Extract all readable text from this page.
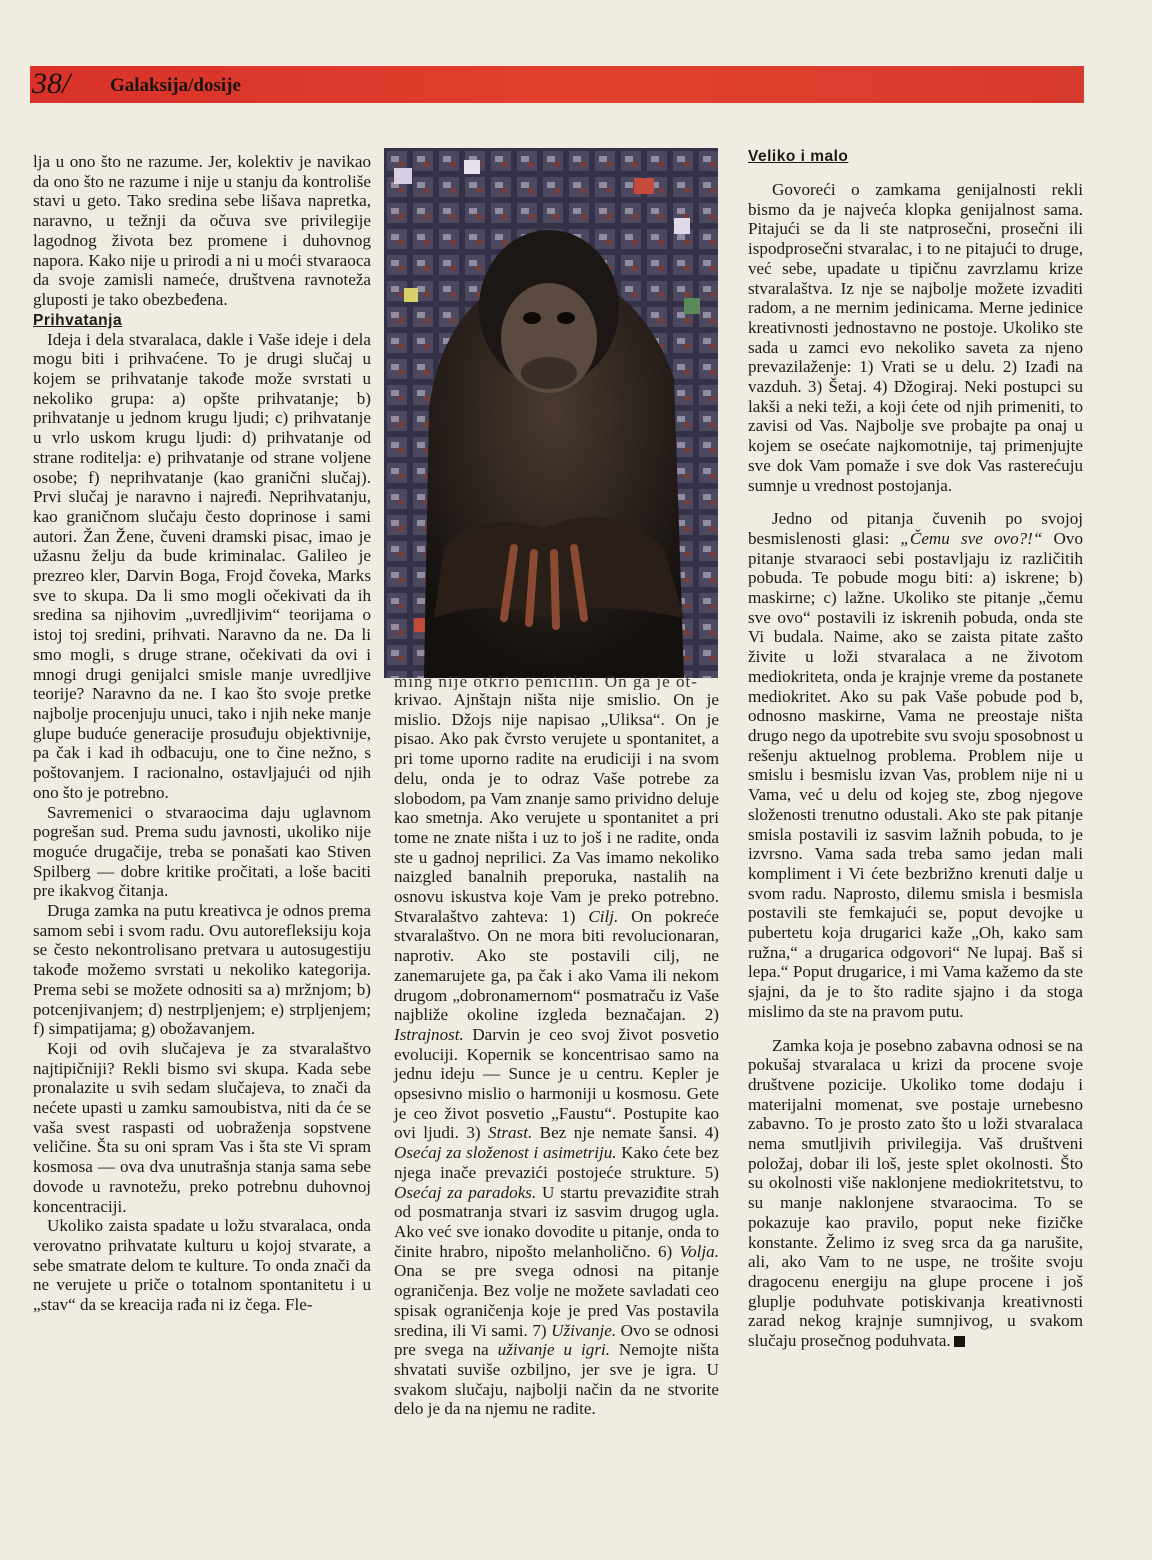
38/ Galaksija/dosije

lja u ono što ne razume. Jer, kolektiv je navikao da ono što ne razume i nije u stanju da kontroliše stavi u geto. Tako sredina sebe lišava napretka, naravno, u težnji da očuva sve privilegije lagodnog života bez promene i duhovnog napora. Kako nije u prirodi a ni u moći stvaraoca da svoje zamisli nameće, društvena ravnoteža gluposti je tako obezbeđena.

Prihvatanja

Ideja i dela stvaralaca, dakle i Vaše ideje i dela mogu biti i prihvaćene. To je drugi slučaj u kojem se prihvatanje takođe može svrstati u nekoliko grupa: a) opšte prihvatanje; b) prihvatanje u jednom krugu ljudi; c) prihvatanje u vrlo uskom krugu ljudi: d) prihvatanje od strane roditelja: e) prihvatanje od strane voljene osobe; f) neprihvatanje (kao granični slučaj). Prvi slučaj je naravno i najređi. Neprihvatanju, kao graničnom slučaju često doprinose i sami autori. Žan Žene, čuveni dramski pisac, imao je užasnu želju da bude kriminalac. Galileo je prezreo kler, Darvin Boga, Frojd čoveka, Marks sve to skupa. Da li smo mogli očekivati da ih sredina sa njihovim „uvredljivim“ teorijama o istoj toj sredini, prihvati. Naravno da ne. Da li smo mogli, s druge strane, očekivati da ovi i mnogi drugi genijalci smisle manje uvredljive teorije? Naravno da ne. I kao što svoje pretke najbolje procenjuju unuci, tako i njih neke manje glupe buduće generacije prosuđuju objektivnije, pa čak i kad ih odbacuju, one to čine nežno, s poštovanjem. I racionalno, ostavljajući od njih ono što je potrebno.

Savremenici o stvaraocima daju uglavnom pogrešan sud. Prema sudu javnosti, ukoliko nije moguće drugačije, treba se ponašati kao Stiven Spilberg — dobre kritike pročitati, a loše baciti pre ikakvog čitanja.

Druga zamka na putu kreativca je odnos prema samom sebi i svom radu. Ovu autorefleksiju koja se često nekontrolisano pretvara u autosugestiju takođe možemo svrstati u nekoliko kategorija. Prema sebi se možete odnositi sa a) mržnjom; b) potcenjivanjem; d) nestrpljenjem; e) strpljenjem; f) simpatijama; g) obožavanjem.

Koji od ovih slučajeva je za stvaralaštvo najtipičniji? Rekli bismo svi skupa. Kada sebe pronalazite u svih sedam slučajeva, to znači da nećete upasti u zamku samoubistva, niti da će se vaša svest raspasti od uobraženja sopstvene veličine. Šta su oni spram Vas i šta ste Vi spram kosmosa — ova dva unutrašnja stanja sama sebe dovode u ravnotežu, preko potrebnu duhovnoj koncentraciji.

Ukoliko zaista spadate u ložu stvaralaca, onda verovatno prihvatate kulturu u kojoj stvarate, a sebe smatrate delom te kulture. To onda znači da ne verujete u priče o totalnom spontanitetu i u „stav“ da se kreacija rađa ni iz čega. Fle-

ming nije otkrio penicilin. On ga je ot-

krivao. Ajnštajn ništa nije smislio. On je mislio. Džojs nije napisao „Uliksa“. On je pisao. Ako pak čvrsto verujete u spontanitet, a pri tome uporno radite na erudiciji i na svom delu, onda je to odraz Vaše potrebe za slobodom, pa Vam znanje samo prividno deluje kao smetnja. Ako verujete u spontanitet a pri tome ne znate ništa i uz to još i ne radite, onda ste u gadnoj neprilici. Za Vas imamo nekoliko naizgled banalnih preporuka, nastalih na osnovu iskustva koje Vam je preko potrebno. Stvaralaštvo zahteva: 1) Cilj. On pokreće stvaralaštvo. On ne mora biti revolucionaran, naprotiv. Ako ste postavili cilj, ne zanemarujete ga, pa čak i ako Vama ili nekom drugom „dobronamernom“ posmatraču iz Vaše najbliže okoline izgleda beznačajan. 2) Istrajnost. Darvin je ceo svoj život posvetio evoluciji. Kopernik se koncentrisao samo na jednu ideju — Sunce je u centru. Kepler je opsesivno mislio o harmoniji u kosmosu. Gete je ceo život posvetio „Faustu“. Postupite kao ovi ljudi. 3) Strast. Bez nje nemate šansi. 4) Osećaj za složenost i asimetriju. Kako ćete bez njega inače prevazići postojeće strukture. 5) Osećaj za paradoks. U startu prevaziđite strah od posmatranja stvari iz sasvim drugog ugla. Ako već sve ionako dovodite u pitanje, onda to činite hrabro, nipošto melanholično. 6) Volja. Ona se pre svega odnosi na pitanje ograničenja. Bez volje ne možete savladati ceo spisak ograničenja koje je pred Vas postavila sredina, ili Vi sami. 7) Uživanje. Ovo se odnosi pre svega na uživanje u igri. Nemojte ništa shvatati suviše ozbiljno, jer sve je igra. U svakom slučaju, najbolji način da ne stvorite delo je da na njemu ne radite.

Veliko i malo

Govoreći o zamkama genijalnosti rekli bismo da je najveća klopka genijalnost sama. Pitajući se da li ste natprosečni, prosečni ili ispodprosečni stvaralac, i to ne pitajući to druge, već sebe, upadate u tipičnu zavrzlamu krize stvaralaštva. Iz nje se najbolje možete izvaditi radom, a ne mernim jedinicama. Merne jedinice kreativnosti jednostavno ne postoje. Ukoliko ste sada u zamci evo nekoliko saveta za njeno prevazilaženje: 1) Vrati se u delu. 2) Izađi na vazduh. 3) Šetaj. 4) Džogiraj. Neki postupci su lakši a neki teži, a koji ćete od njih primeniti, to zavisi od Vas. Najbolje sve probajte pa onaj u kojem se osećate najkomotnije, taj primenjujte sve dok Vam pomaže i sve dok Vas rasterećuju sumnje u vrednost postojanja.

Jedno od pitanja čuvenih po svojoj besmislenosti glasi: „Čemu sve ovo?!“ Ovo pitanje stvaraoci sebi postavljaju iz različitih pobuda. Te pobude mogu biti: a) iskrene; b) maskirne; c) lažne. Ukoliko ste pitanje „čemu sve ovo“ postavili iz iskrenih pobuda, onda ste Vi budala. Naime, ako se zaista pitate zašto živite u loži stvaralaca a ne životom mediokriteta, onda je krajnje vreme da postanete mediokritet. Ako su pak Vaše pobude pod b, odnosno maskirne, Vama ne preostaje ništa drugo nego da upotrebite svu svoju sposobnost u rešenju aktuelnog problema. Problem nije u smislu i besmislu izvan Vas, problem nije ni u Vama, već u delu od kojeg ste, zbog njegove složenosti trenutno odustali. Ako ste pak pitanje smisla postavili iz sasvim lažnih pobuda, to je izvrsno. Vama sada treba samo jedan mali kompliment i Vi ćete bezbrižno krenuti dalje u svom radu. Naprosto, dilemu smisla i besmisla postavili ste femkajući se, poput devojke u pubertetu koja drugarici kaže „Oh, kako sam ružna,“ a drugarica odgovori“ Ne lupaj. Baš si lepa.“ Poput drugarice, i mi Vama kažemo da ste sjajni, da je to što radite sjajno i da stoga mislimo da ste na pravom putu.

Zamka koja je posebno zabavna odnosi se na pokušaj stvaralaca u krizi da procene svoje društvene pozicije. Ukoliko tome dodaju i materijalni momenat, sve postaje urnebesno zabavno. To je prosto zato što u loži stvaralaca nema smutljivih privilegija. Vaš društveni položaj, dobar ili loš, jeste splet okolnosti. Što su okolnosti više naklonjene mediokritetstvu, to su manje naklonjene stvaraocima. To se pokazuje kao pravilo, poput neke fizičke konstante. Želimo iz sveg srca da ga narušite, ali, ako Vam to ne uspe, ne trošite svoju dragocenu energiju na glupe procene i još gluplje poduhvate potiskivanja kreativnosti zarad nekog krajnje sumnjivog, u svakom slučaju prosečnog poduhvata.
